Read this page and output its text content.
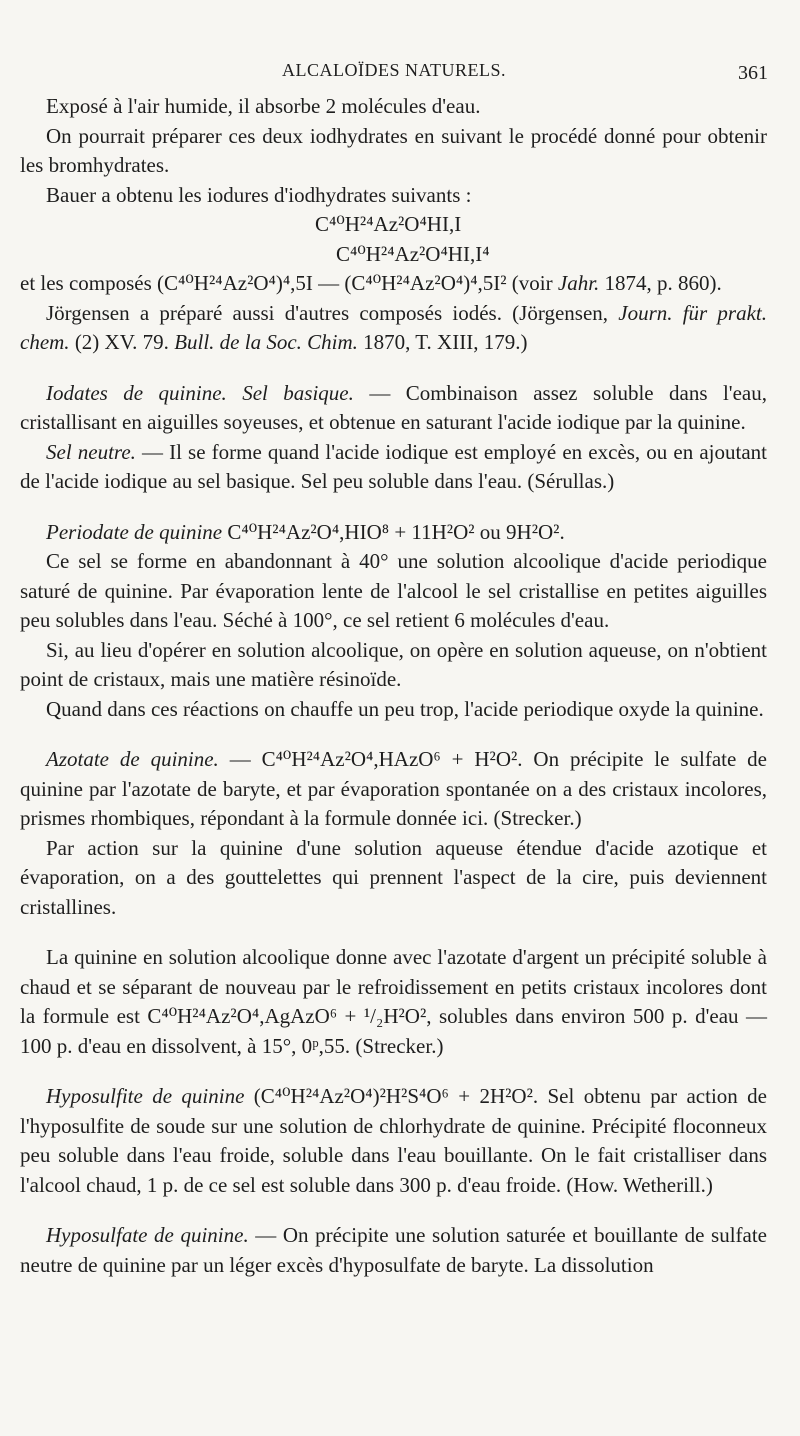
ALCALOÏDES NATURELS.	361

Exposé à l'air humide, il absorbe 2 molécules d'eau.

On pourrait préparer ces deux iodhydrates en suivant le procédé donné pour obtenir les bromhydrates.

Bauer a obtenu les iodures d'iodhydrates suivants :

C⁴⁰H²⁴Az²O⁴HI,I

C⁴⁰H²⁴Az²O⁴HI,I⁴

et les composés (C⁴⁰H²⁴Az²O⁴)⁴,5I — (C⁴⁰H²⁴Az²O⁴)⁴,5I² (voir Jahr. 1874, p. 860).

Jörgensen a préparé aussi d'autres composés iodés. (Jörgensen, Journ. für prakt. chem. (2) XV. 79. Bull. de la Soc. Chim. 1870, T. XIII, 179.)

Iodates de quinine. Sel basique. — Combinaison assez soluble dans l'eau, cristallisant en aiguilles soyeuses, et obtenue en saturant l'acide iodique par la quinine.

Sel neutre. — Il se forme quand l'acide iodique est employé en excès, ou en ajoutant de l'acide iodique au sel basique. Sel peu soluble dans l'eau. (Sérullas.)

Periodate de quinine C⁴⁰H²⁴Az²O⁴,HIO⁸ + 11H²O² ou 9H²O².

Ce sel se forme en abandonnant à 40° une solution alcoolique d'acide periodique saturé de quinine. Par évaporation lente de l'alcool le sel cristallise en petites aiguilles peu solubles dans l'eau. Séché à 100°, ce sel retient 6 molécules d'eau.

Si, au lieu d'opérer en solution alcoolique, on opère en solution aqueuse, on n'obtient point de cristaux, mais une matière résinoïde.

Quand dans ces réactions on chauffe un peu trop, l'acide periodique oxyde la quinine.

Azotate de quinine. — C⁴⁰H²⁴Az²O⁴,HAzO⁶ + H²O². On précipite le sulfate de quinine par l'azotate de baryte, et par évaporation spontanée on a des cristaux incolores, prismes rhombiques, répondant à la formule donnée ici. (Strecker.)

Par action sur la quinine d'une solution aqueuse étendue d'acide azotique et évaporation, on a des gouttelettes qui prennent l'aspect de la cire, puis deviennent cristallines.

La quinine en solution alcoolique donne avec l'azotate d'argent un précipité soluble à chaud et se séparant de nouveau par le refroidissement en petits cristaux incolores dont la formule est C⁴⁰H²⁴Az²O⁴,AgAzO⁶ + ¹/₂H²O², solubles dans environ 500 p. d'eau — 100 p. d'eau en dissolvent, à 15°, 0ᵖ,55. (Strecker.)

Hyposulfite de quinine (C⁴⁰H²⁴Az²O⁴)²H²S⁴O⁶ + 2H²O². Sel obtenu par action de l'hyposulfite de soude sur une solution de chlorhydrate de quinine. Précipité floconneux peu soluble dans l'eau froide, soluble dans l'eau bouillante. On le fait cristalliser dans l'alcool chaud, 1 p. de ce sel est soluble dans 300 p. d'eau froide. (How. Wetherill.)

Hyposulfate de quinine. — On précipite une solution saturée et bouillante de sulfate neutre de quinine par un léger excès d'hyposulfate de baryte. La dissolution
